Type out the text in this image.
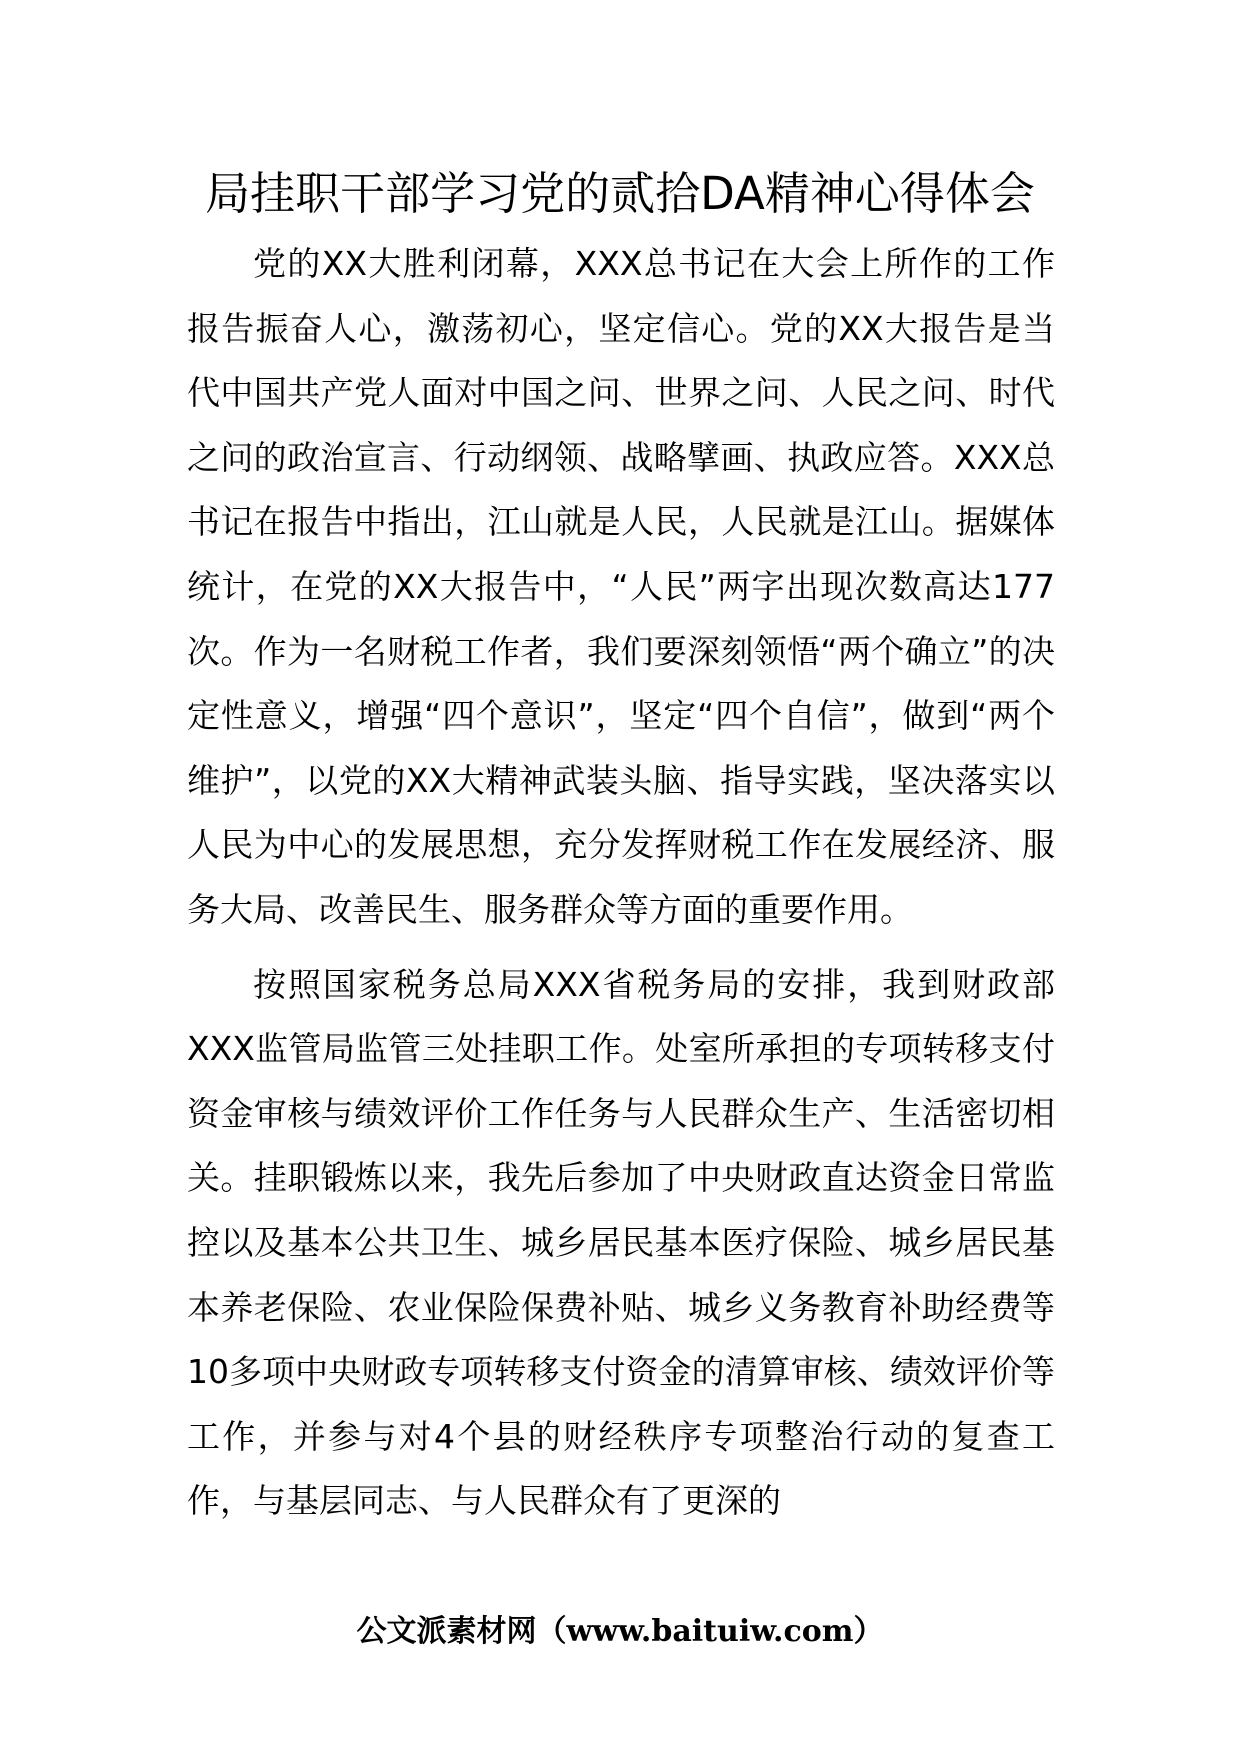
局挂职干部学习党的贰拾DA精神心得体会

党的XX大胜利闭幕，XXX总书记在大会上所作的工作报告振奋人心，激荡初心，坚定信心。党的XX大报告是当代中国共产党人面对中国之问、世界之问、人民之问、时代之问的政治宣言、行动纲领、战略擘画、执政应答。XXX总书记在报告中指出，江山就是人民，人民就是江山。据媒体统计，在党的XX大报告中，“人民”两字出现次数高达177次。作为一名财税工作者，我们要深刻领悟“两个确立”的决定性意义，增强“四个意识”，坚定“四个自信”，做到“两个维护”，以党的XX大精神武装头脑、指导实践，坚决落实以人民为中心的发展思想，充分发挥财税工作在发展经济、服务大局、改善民生、服务群众等方面的重要作用。

按照国家税务总局XXX省税务局的安排，我到财政部XXX监管局监管三处挂职工作。处室所承担的专项转移支付资金审核与绩效评价工作任务与人民群众生产、生活密切相关。挂职锻炼以来，我先后参加了中央财政直达资金日常监控以及基本公共卫生、城乡居民基本医疗保险、城乡居民基本养老保险、农业保险保费补贴、城乡义务教育补助经费等10多项中央财政专项转移支付资金的清算审核、绩效评价等工作，并参与对4个县的财经秩序专项整治行动的复查工作，与基层同志、与人民群众有了更深的

公文派素材网（www.baituiw.com）
